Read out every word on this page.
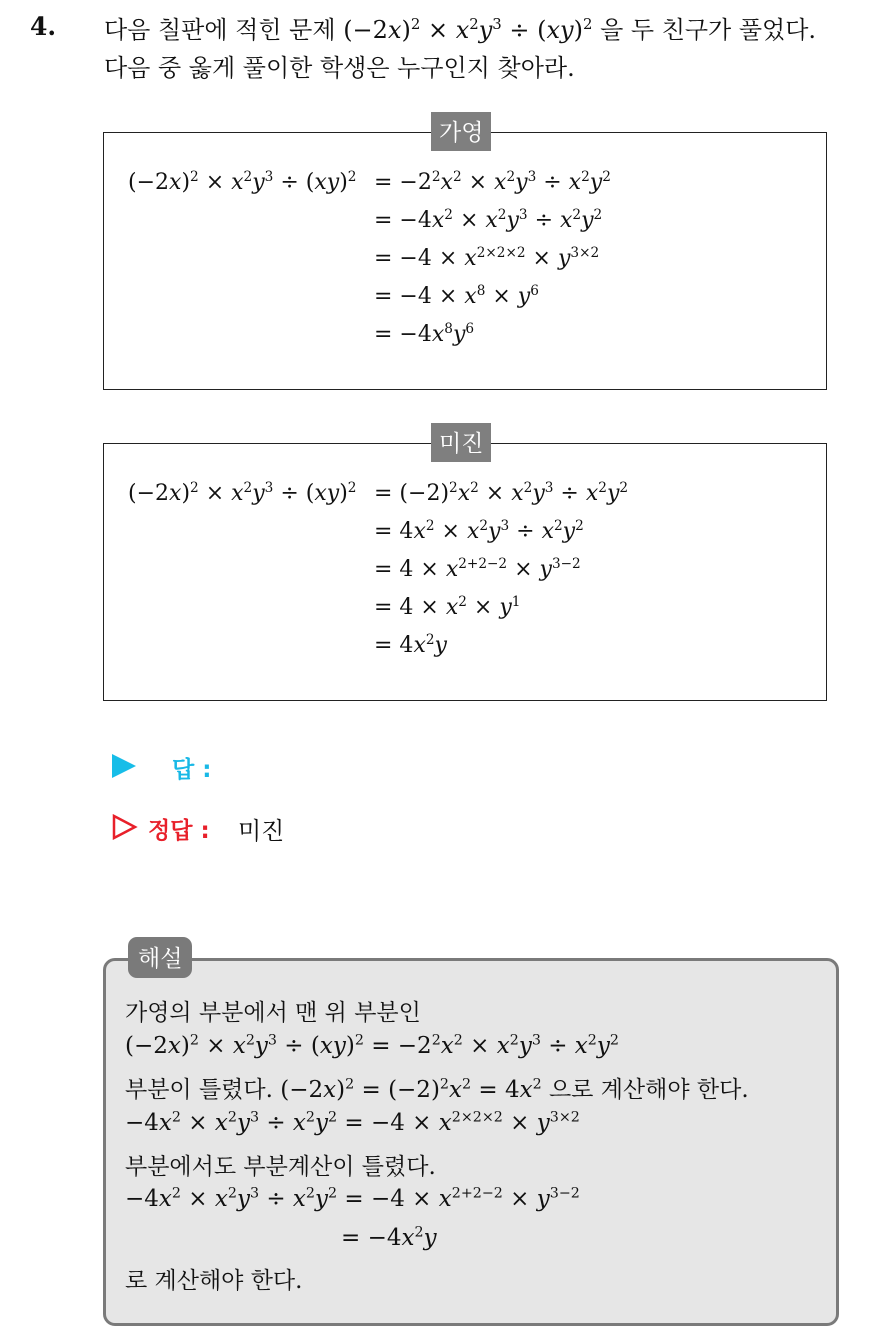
4. 다음 칠판에 적힌 문제 $(-2x)^2 \times x^2y^3 \div (xy)^2$ 을 두 친구가 풀었다.
다음 중 옳게 풀이한 학생은 누구인지 찾아라.
가영
$(-2x)^2 \times x^2y^3 \div (xy)^2 = -2^2x^2 \times x^2y^3 \div x^2y^2$
= $-4x^2 \times x^2y^3 \div x^2y^2$
= $-4 \times x^{2\times 2\times 2} \times y^{3\times 2}$
= $-4 \times x^8 \times y^6$
= $-4x^8y^6$
미진
$(-2x)^2 \times x^2y^3 \div (xy)^2 = (-2)^2x^2 \times x^2y^3 \div x^2y^2$
= $4x^2 \times x^2y^3 \div x^2y^2$
= $4 \times x^{2+2-2} \times y^{3-2}$
= $4 \times x^2 \times y^1$
= $4x^2y$
답 :
정답 : 미진
해설
가영의 부분에서 맨 위 부분인
$(-2x)^2 \times x^2y^3 \div (xy)^2 = -2^2x^2 \times x^2y^3 \div x^2y^2$
부분이 틀렸다. $(-2x)^2 = (-2)^2x^2 = 4x^2$ 으로 계산해야 한다.
$-4x^2 \times x^2y^3 \div x^2y^2 = -4 \times x^{2\times 2\times 2} \times y^{3\times 2}$
부분에서도 부분계산이 틀렸다.
$-4x^2 \times x^2y^3 \div x^2y^2 = -4 \times x^{2+2-2} \times y^{3-2}$
= $-4x^2y$
로 계산해야 한다.
